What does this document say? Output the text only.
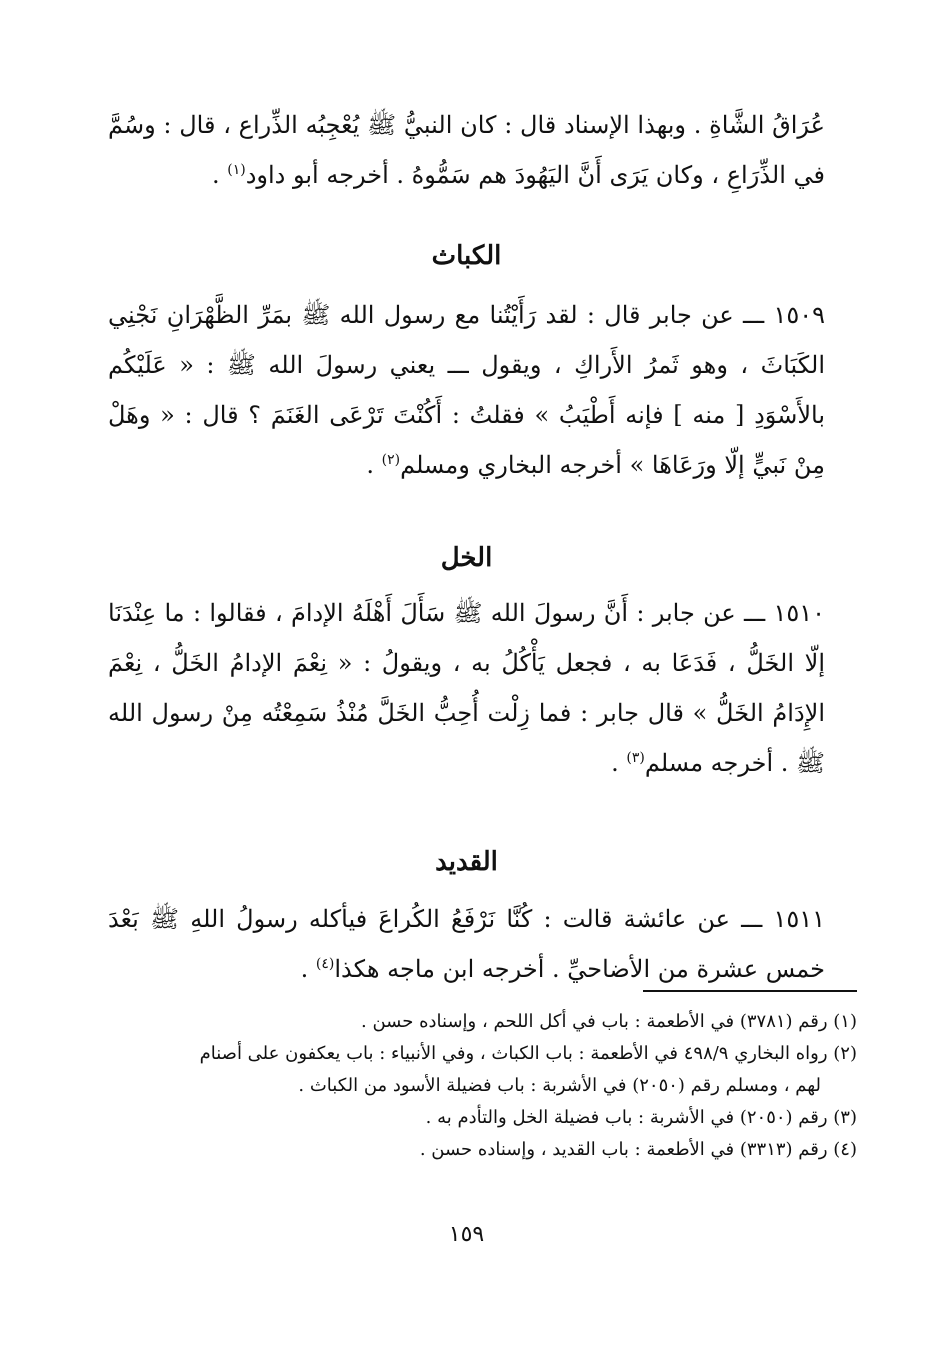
عُرَاقُ الشَّاةِ . وبهذا الإسناد قال : كان النبيُّ ﷺ يُعْجِبُه الذِّراع ، قال : وسُمَّ في الذِّرَاعِ ، وكان يَرَى أَنَّ اليَهُودَ هم سَمُّوهُ . أخرجه أبو داود$^{(١)}$ .

الكباث

١٥٠٩ ـــ عن جابر قال : لقد رَأَيْتُنا مع رسول الله ﷺ بمَرِّ الظَّهْرَانِ نَجْنِي الكَبَاثَ ، وهو ثَمرُ الأَراكِ ، ويقول ـــ يعني رسولَ الله ﷺ : « عَلَيْكُم بالأَسْوَدِ [ منه ] فإنه أَطْيَبُ » فقلتُ : أَكُنْتَ تَرْعَى الغَنَمَ ؟ قال : « وهَلْ مِنْ نَبيٍّ إلّا ورَعَاهَا » أخرجه البخاري ومسلم$^{(٢)}$ .

الخل

١٥١٠ ـــ عن جابر : أَنَّ رسولَ الله ﷺ سَأَلَ أَهْلَهُ الإدامَ ، فقالوا : ما عِنْدَنَا إلّا الخَلُّ ، فَدَعَا به ، فجعل يَأْكُلُ به ، ويقولُ : « نِعْمَ الإدامُ الخَلُّ ، نِعْمَ الإِدَامُ الخَلُّ » قال جابر : فما زِلْت أُحِبُّ الخَلَّ مُنْذُ سَمِعْتُه مِنْ رسول الله ﷺ . أخرجه مسلم$^{(٣)}$ .

القديد

١٥١١ ـــ عن عائشة قالت : كُنَّا نَرْفَعُ الكُراعَ فيأكله رسولُ اللهِ ﷺ بَعْدَ خمس عشرة من الأضاحيِّ . أخرجه ابن ماجه هكذا$^{(٤)}$ .

(١) رقم (٣٧٨١) في الأطعمة : باب في أكل اللحم ، وإسناده حسن .

(٢) رواه البخاري ٤٩٨/٩ في الأطعمة : باب الكباث ، وفي الأنبياء : باب يعكفون على أصنام

لهم ، ومسلم رقم (٢٠٥٠) في الأشربة : باب فضيلة الأسود من الكباث .

(٣) رقم (٢٠٥٠) في الأشربة : باب فضيلة الخل والتأدم به .

(٤) رقم (٣٣١٣) في الأطعمة : باب القديد ، وإسناده حسن .

١٥٩
